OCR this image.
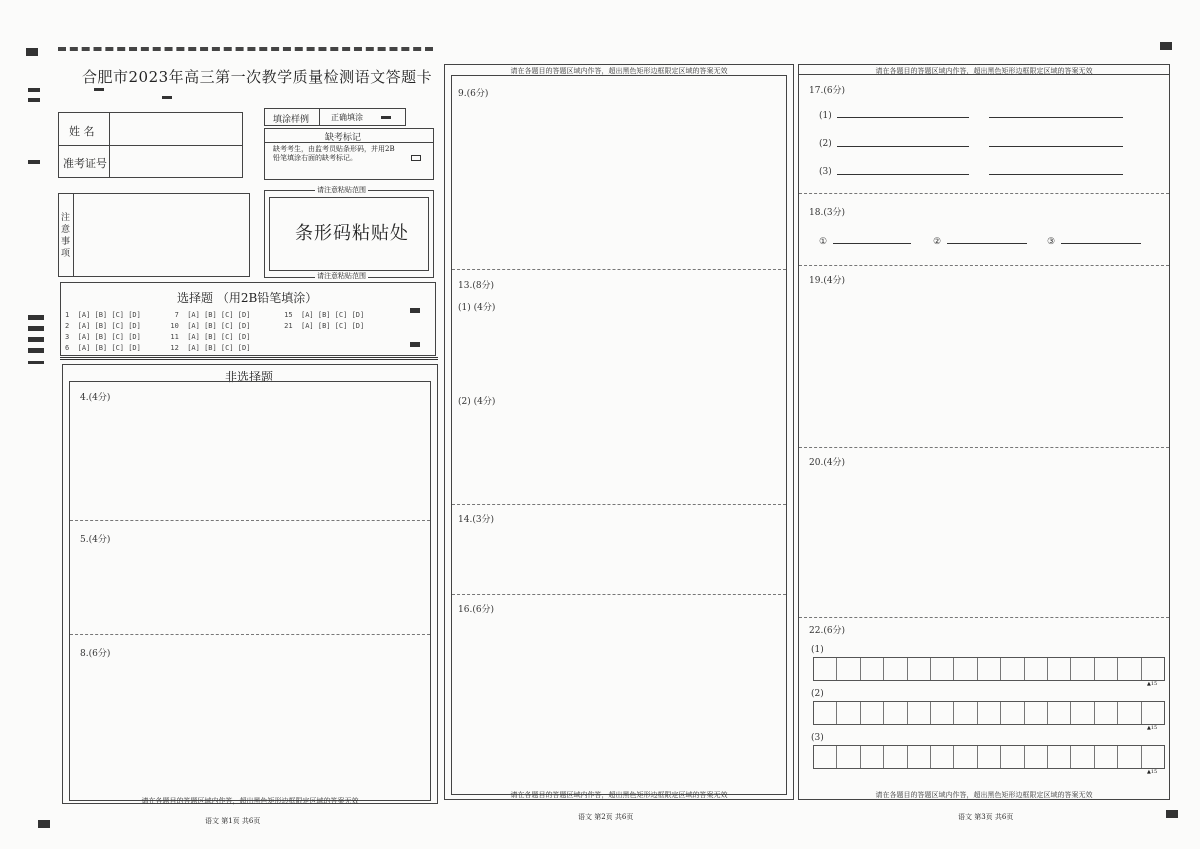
合肥市2023年高三第一次教学质量检测语文答题卡
姓 名
准考证号
填涂样例	正确填涂
缺考标记
缺考考生，由监考员贴条形码，并用2B铅笔填涂右面的缺考标记。
注意事项
请注意粘贴范围
条形码粘贴处
请注意粘贴范围
选择题 （用2B铅笔填涂）
1  [A] [B] [C] [D]        7  [A] [B] [C] [D]        15  [A] [B] [C] [D]
2  [A] [B] [C] [D]       10  [A] [B] [C] [D]        21  [A] [B] [C] [D]
3  [A] [B] [C] [D]       11  [A] [B] [C] [D]
6  [A] [B] [C] [D]       12  [A] [B] [C] [D]
非选择题
4.(4分)
5.(4分)
8.(6分)
请在各题目的答题区域内作答，超出黑色矩形边框限定区域的答案无效
语文 第1页 共6页
请在各题目的答题区域内作答，超出黑色矩形边框限定区域的答案无效
9.(6分)
13.(8分)
(1) (4分)
(2) (4分)
14.(3分)
16.(6分)
请在各题目的答题区域内作答，超出黑色矩形边框限定区域的答案无效
语文 第2页 共6页
请在各题目的答题区域内作答，超出黑色矩形边框限定区域的答案无效
17.(6分)
(1)
(2)
(3)
18.(3分)
①	②	③
19.(4分)
20.(4分)
22.(6分)
(1)
▲15
(2)
▲15
(3)
▲15
请在各题目的答题区域内作答，超出黑色矩形边框限定区域的答案无效
语文 第3页 共6页
